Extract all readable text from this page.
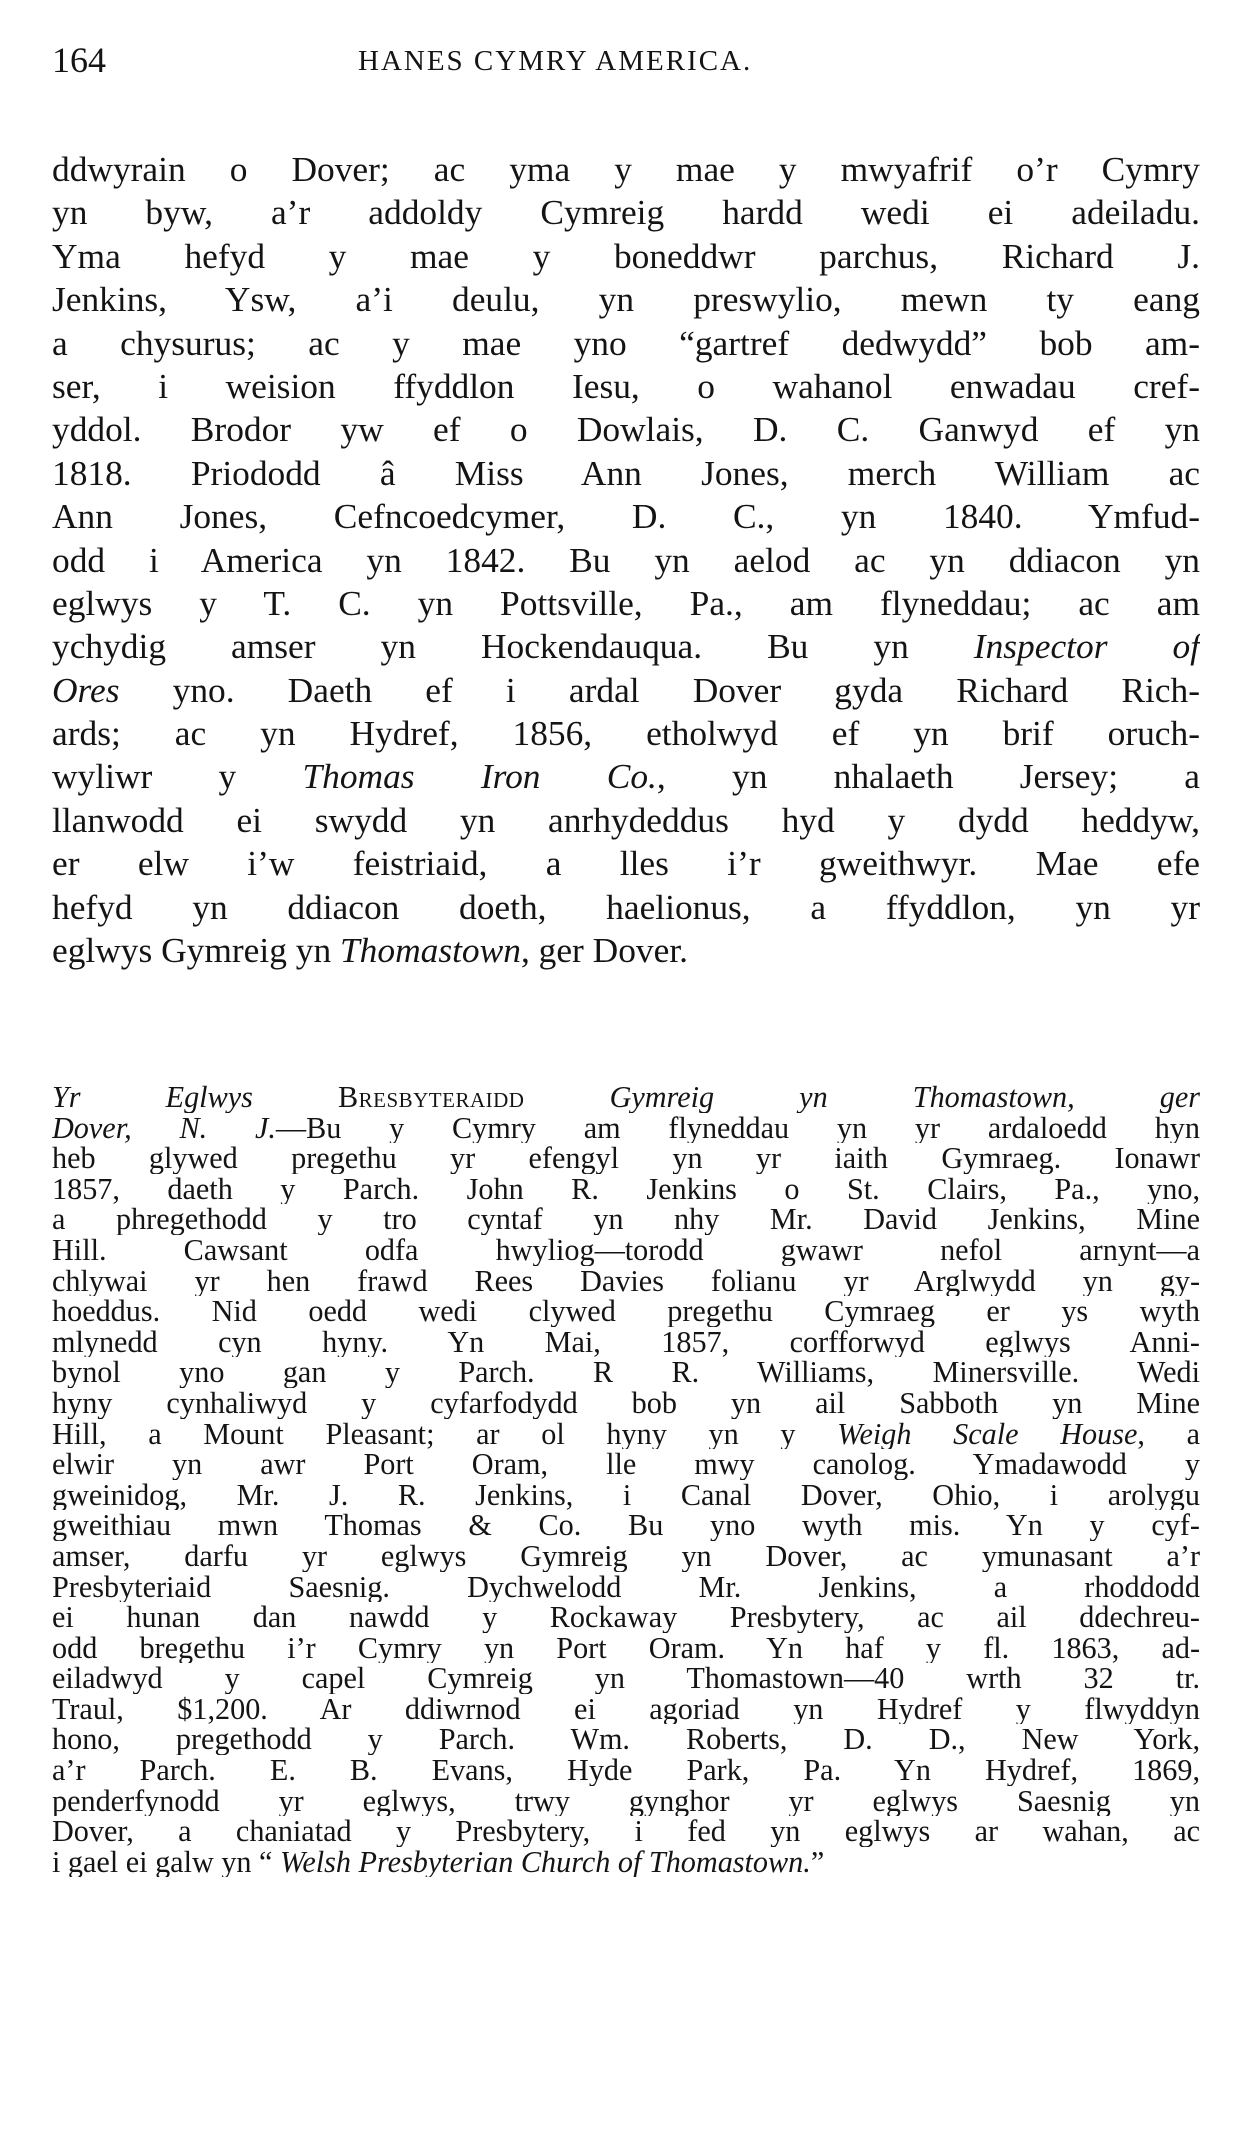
164	HANES CYMRY AMERICA.
ddwyrain o Dover; ac yma y mae y mwyafrif o’r Cymry
yn byw, a’r addoldy Cymreig hardd wedi ei adeiladu.
Yma hefyd y mae y boneddwr parchus, Richard J.
Jenkins, Ysw, a’i deulu, yn preswylio, mewn ty eang
a chysurus; ac y mae yno “gartref dedwydd” bob am-
ser, i weision ffyddlon Iesu, o wahanol enwadau cref-
yddol. Brodor yw ef o Dowlais, D. C. Ganwyd ef yn
1818. Priododd â Miss Ann Jones, merch William ac
Ann Jones, Cefncoedcymer, D. C., yn 1840. Ymfud-
odd i America yn 1842. Bu yn aelod ac yn ddiacon yn
eglwys y T. C. yn Pottsville, Pa., am flyneddau; ac am
ychydig amser yn Hockendauqua. Bu yn Inspector of
Ores yno. Daeth ef i ardal Dover gyda Richard Rich-
ards; ac yn Hydref, 1856, etholwyd ef yn brif oruch-
wyliwr y Thomas Iron Co., yn nhalaeth Jersey; a
llanwodd ei swydd yn anrhydeddus hyd y dydd heddyw,
er elw i’w feistriaid, a lles i’r gweithwyr. Mae efe
hefyd yn ddiacon doeth, haelionus, a ffyddlon, yn yr
eglwys Gymreig yn Thomastown, ger Dover.
Yr Eglwys	Bresbyteraidd	Gymreig yn Thomastown, ger
Dover, N. J.—Bu y Cymry am flyneddau yn yr ardaloedd hyn
heb glywed pregethu yr efengyl yn yr iaith Gymraeg. Ionawr
1857, daeth y Parch. John R. Jenkins o St. Clairs, Pa., yno,
a phregethodd y tro cyntaf yn nhy Mr. David Jenkins, Mine
Hill. Cawsant odfa hwyliog—torodd gwawr nefol arnynt—a
chlywai yr hen frawd Rees Davies folianu yr Arglwydd yn gy-
hoeddus. Nid oedd wedi clywed pregethu Cymraeg er ys wyth
mlynedd cyn hyny. Yn Mai, 1857, corfforwyd eglwys Anni-
bynol yno gan y Parch. R R. Williams, Minersville. Wedi
hyny cynhaliwyd y cyfarfodydd bob yn ail Sabboth yn Mine
Hill, a Mount Pleasant; ar ol hyny yn y Weigh Scale House, a
elwir yn awr Port Oram, lle mwy canolog. Ymadawodd y
gweinidog, Mr. J. R. Jenkins, i Canal Dover, Ohio, i arolygu
gweithiau mwn Thomas & Co. Bu yno wyth mis. Yn y cyf-
amser, darfu yr eglwys Gymreig yn Dover, ac ymunasant a’r
Presbyteriaid Saesnig. Dychwelodd Mr. Jenkins, a rhoddodd
ei hunan dan nawdd y Rockaway Presbytery, ac ail ddechreu-
odd bregethu i’r Cymry yn Port Oram. Yn haf y fl. 1863, ad-
eiladwyd y capel Cymreig yn Thomastown—40 wrth 32 tr.
Traul, $1,200. Ar ddiwrnod ei agoriad yn Hydref y flwyddyn
hono, pregethodd y Parch. Wm. Roberts, D. D., New York,
a’r Parch. E. B. Evans, Hyde Park, Pa. Yn Hydref, 1869,
penderfynodd yr eglwys, trwy gynghor yr eglwys Saesnig yn
Dover, a chaniatad y Presbytery, i fed yn eglwys ar wahan, ac
i gael ei galw yn “ Welsh Presbyterian Church of Thomastown.”
